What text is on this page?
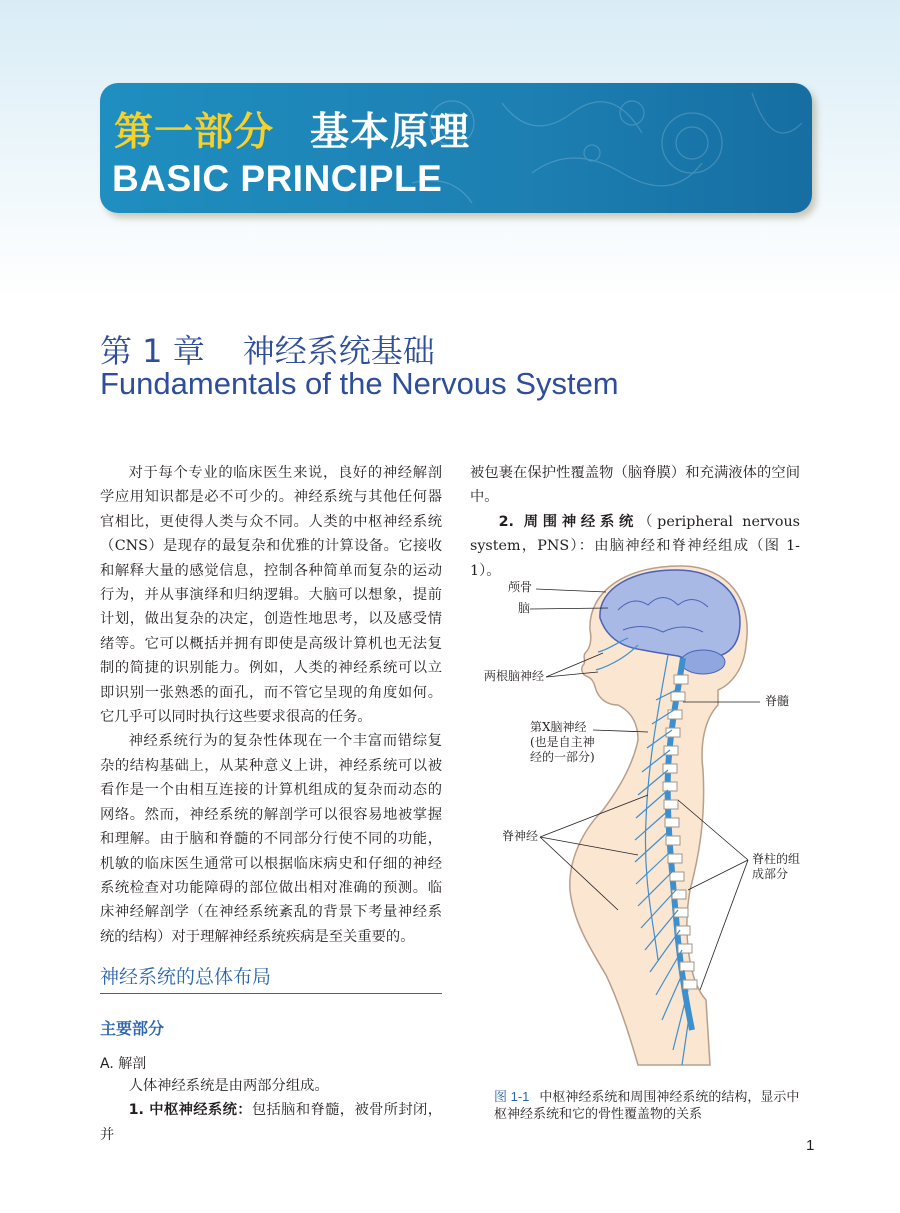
第一部分 基本原理
BASIC PRINCIPLE
第 1 章 神经系统基础
Fundamentals of the Nervous System

对于每个专业的临床医生来说，良好的神经解剖学应用知识都是必不可少的。神经系统与其他任何器官相比，更使得人类与众不同。人类的中枢神经系统（CNS）是现存的最复杂和优雅的计算设备。它接收和解释大量的感觉信息，控制各种简单而复杂的运动行为，并从事演绎和归纳逻辑。大脑可以想象，提前计划，做出复杂的决定，创造性地思考，以及感受情绪等。它可以概括并拥有即使是高级计算机也无法复制的简捷的识别能力。例如，人类的神经系统可以立即识别一张熟悉的面孔，而不管它呈现的角度如何。它几乎可以同时执行这些要求很高的任务。

神经系统行为的复杂性体现在一个丰富而错综复杂的结构基础上，从某种意义上讲，神经系统可以被看作是一个由相互连接的计算机组成的复杂而动态的网络。然而，神经系统的解剖学可以很容易地被掌握和理解。由于脑和脊髓的不同部分行使不同的功能，机敏的临床医生通常可以根据临床病史和仔细的神经系统检查对功能障碍的部位做出相对准确的预测。临床神经解剖学（在神经系统紊乱的背景下考量神经系统的结构）对于理解神经系统疾病是至关重要的。

神经系统的总体布局
主要部分
A. 解剖

人体神经系统是由两部分组成。

1. 中枢神经系统：包括脑和脊髓，被骨所封闭，并

被包裹在保护性覆盖物（脑脊膜）和充满液体的空间中。

2. 周围神经系统（peripheral nervous system，PNS）：由脑神经和脊神经组成（图 1-1）。

颅骨
脑
两根脑神经
脊髓
第Ⅹ脑神经
(也是自主神
经的一部分)
脊神经
脊柱的组
成部分
图 1-1 中枢神经系统和周围神经系统的结构，显示中枢神经系统和它的骨性覆盖物的关系
1
